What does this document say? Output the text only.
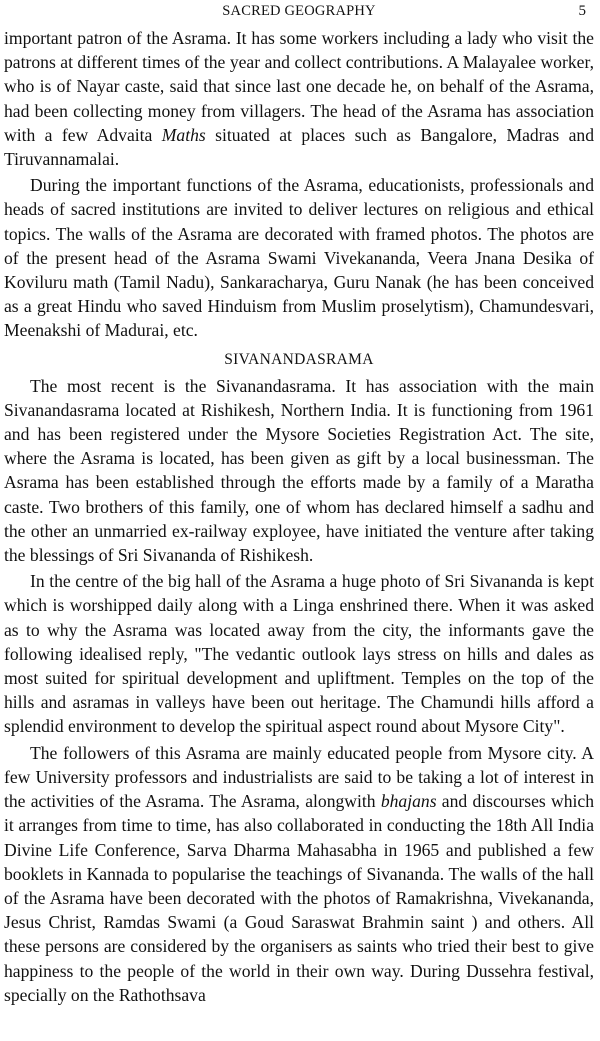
SACRED GEOGRAPHY	5

important patron of the Asrama. It has some workers including a lady who visit the patrons at different times of the year and collect contributions. A Malayalee worker, who is of Nayar caste, said that since last one decade he, on behalf of the Asrama, had been collecting money from villagers. The head of the Asrama has association with a few Advaita Maths situated at places such as Bangalore, Madras and Tiruvannamalai.

During the important functions of the Asrama, educationists, professionals and heads of sacred institutions are invited to deliver lectures on religious and ethical topics. The walls of the Asrama are decorated with framed photos. The photos are of the present head of the Asrama Swami Vivekananda, Veera Jnana Desika of Koviluru math (Tamil Nadu), Sankaracharya, Guru Nanak (he has been conceived as a great Hindu who saved Hinduism from Muslim proselytism), Chamundesvari, Meenakshi of Madurai, etc.

SIVANANDASRAMA

The most recent is the Sivanandasrama. It has association with the main Sivanandasrama located at Rishikesh, Northern India. It is functioning from 1961 and has been registered under the Mysore Societies Registration Act. The site, where the Asrama is located, has been given as gift by a local businessman. The Asrama has been established through the efforts made by a family of a Maratha caste. Two brothers of this family, one of whom has declared himself a sadhu and the other an unmarried ex-railway exployee, have initiated the venture after taking the blessings of Sri Sivananda of Rishikesh.

In the centre of the big hall of the Asrama a huge photo of Sri Sivananda is kept which is worshipped daily along with a Linga enshrined there. When it was asked as to why the Asrama was located away from the city, the informants gave the following idealised reply, "The vedantic outlook lays stress on hills and dales as most suited for spiritual development and upliftment. Temples on the top of the hills and asramas in valleys have been out heritage. The Chamundi hills afford a splendid environment to develop the spiritual aspect round about Mysore City".

The followers of this Asrama are mainly educated people from Mysore city. A few University professors and industrialists are said to be taking a lot of interest in the activities of the Asrama. The Asrama, alongwith bhajans and discourses which it arranges from time to time, has also collaborated in conducting the 18th All India Divine Life Conference, Sarva Dharma Mahasabha in 1965 and published a few booklets in Kannada to popularise the teachings of Sivananda. The walls of the hall of the Asrama have been decorated with the photos of Ramakrishna, Vivekananda, Jesus Christ, Ramdas Swami (a Goud Saraswat Brahmin saint ) and others. All these persons are considered by the organisers as saints who tried their best to give happiness to the people of the world in their own way. During Dussehra festival, specially on the Rathothsava
